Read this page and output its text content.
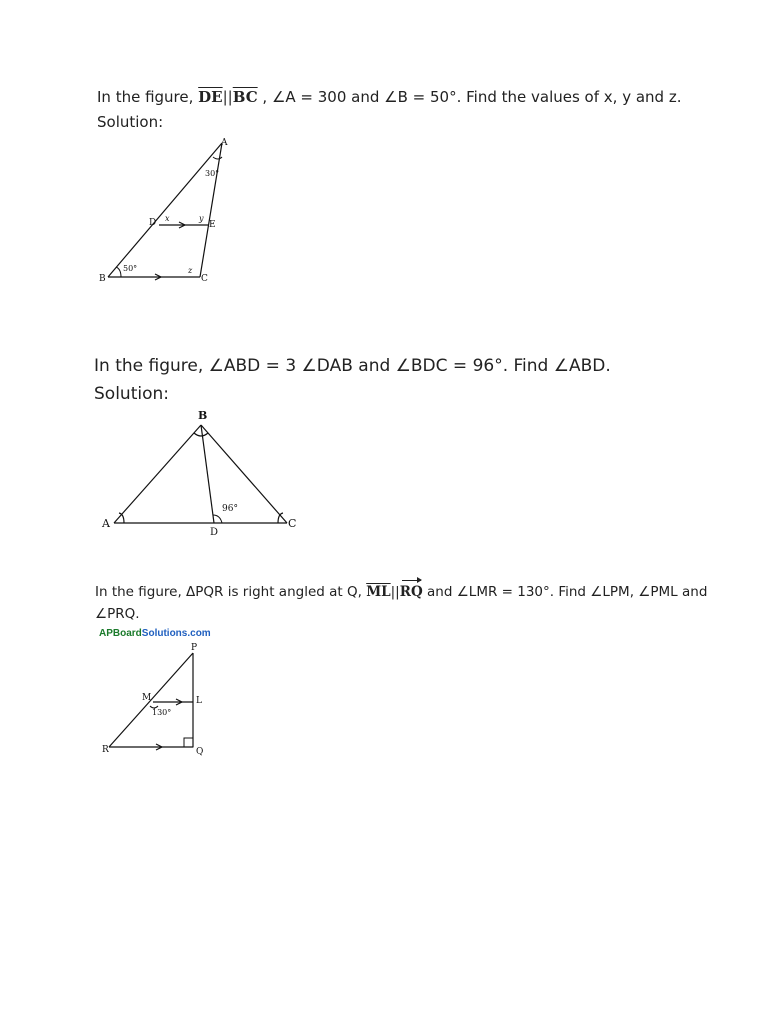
In the figure, $\overline{DE}||\overline{BC}$ , ∠A = 300 and ∠B = 50°. Find the values of x, y and z.
Solution:
A
30°
B
50°
C
D	E
x	y
z
In the figure, ∠ABD = 3 ∠DAB and ∠BDC = 96°. Find ∠ABD.
Solution:
B
A	C
D
96°
In the figure, ΔPQR is right angled at Q, $\overline{ML}||RQ$ and ∠LMR = 130°. Find ∠LPM, ∠PML and
∠PRQ.
APBoardSolutions.com
P
Q
R
M	L
130°
